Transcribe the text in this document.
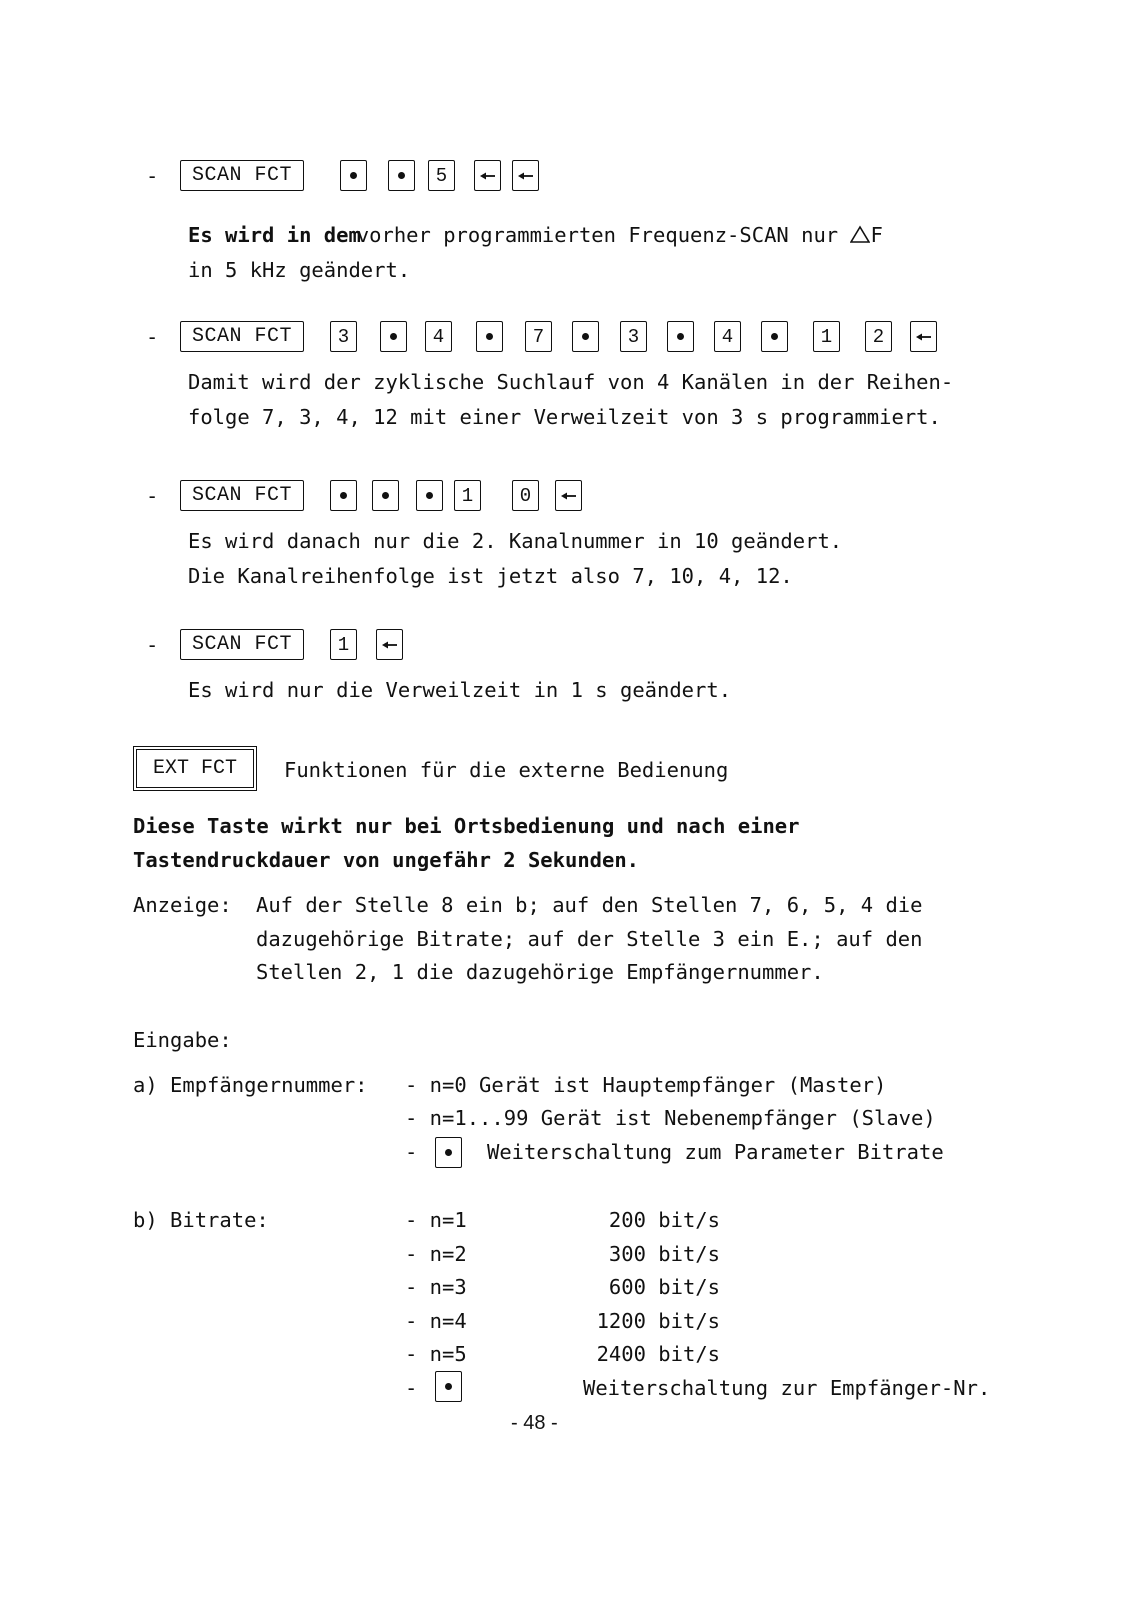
-	SCAN FCT	5
Es wird in demvorher programmierten Frequenz-SCAN nur F
in 5 kHz geändert.
-	SCAN FCT	3	4	7	3	4	1	2
Damit wird der zyklische Suchlauf von 4 Kanälen in der Reihen-
folge 7, 3, 4, 12 mit einer Verweilzeit von 3 s programmiert.
-	SCAN FCT	1	0
Es wird danach nur die 2. Kanalnummer in 10 geändert.
Die Kanalreihenfolge ist jetzt also 7, 10, 4, 12.
-	SCAN FCT	1
Es wird nur die Verweilzeit in 1 s geändert.
EXT FCT	Funktionen für die externe Bedienung
Diese Taste wirkt nur bei Ortsbedienung und nach einer
Tastendruckdauer von ungefähr 2 Sekunden.
Anzeige: Auf der Stelle 8 ein b; auf den Stellen 7, 6, 5, 4 die
dazugehörige Bitrate; auf der Stelle 3 ein E.; auf den
Stellen 2, 1 die dazugehörige Empfängernummer.
Eingabe:
a) Empfängernummer: - n=0 Gerät ist Hauptempfänger (Master)
- n=1...99 Gerät ist Nebenempfänger (Slave)
-	Weiterschaltung zum Parameter Bitrate
b) Bitrate:	- n=1	200 bit/s
- n=2	300 bit/s
- n=3	600 bit/s
- n=4	1200 bit/s
- n=5	2400 bit/s
-	Weiterschaltung zur Empfänger-Nr.
- 48 -
